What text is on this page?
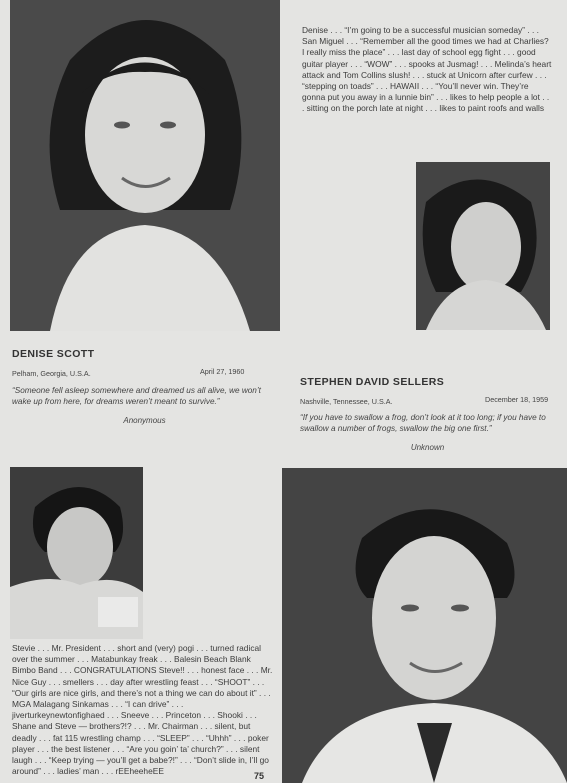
Denise . . . “I’m going to be a successful musician someday” . . . San Miguel . . . “Remember all the good times we had at Charlies? I really miss the place” . . . last day of school egg fight . . . good guitar player . . . “WOW” . . . spooks at Jusmag! . . . Melinda’s heart attack and Tom Collins slush! . . . stuck at Unicorn after curfew . . . “stepping on toads” . . . HAWAII . . . “You’ll never win. They’re gonna put you away in a lunnie bin” . . . likes to help people a lot . . . sitting on the porch late at night . . . likes to paint roofs and walls
DENISE SCOTT
Pelham, Georgia, U.S.A.	April 27, 1960
“Someone fell asleep somewhere and dreamed us all alive, we won’t wake up from here, for dreams weren’t meant to survive.”
Anonymous
STEPHEN DAVID SELLERS
Nashville, Tennessee, U.S.A.	December 18, 1959
“If you have to swallow a frog, don’t look at it too long; if you have to swallow a number of frogs, swallow the big one first.”
Unknown
Stevie . . . Mr. President . . . short and (very) pogi . . . turned radical over the summer . . . Matabunkay freak . . . Balesin Beach Blank Bimbo Band . . . CONGRATULATIONS Steve!! . . . honest face . . . Mr. Nice Guy . . . smellers . . . day after wrestling feast . . . “SHOOT” . . . “Our girls are nice girls, and there’s not a thing we can do about it” . . . MGA Malagang Sinkamas . . . “I can drive” . . . jiverturkeynewtonfighaed . . . Sneeve . . . Princeton . . . Shooki . . . Shane and Steve — brothers?!? . . . Mr. Chairman . . . silent, but deadly . . . fat 115 wrestling champ . . . “SLEEP” . . . “Uhhh” . . . poker player . . . the best listener . . . “Are you goin’ ta’ church?” . . . silent laugh . . . “Keep trying — you’ll get a babe?!” . . . “Don’t slide in, I’ll go around” . . . ladies’ man . . . rEEheeheEE	75
